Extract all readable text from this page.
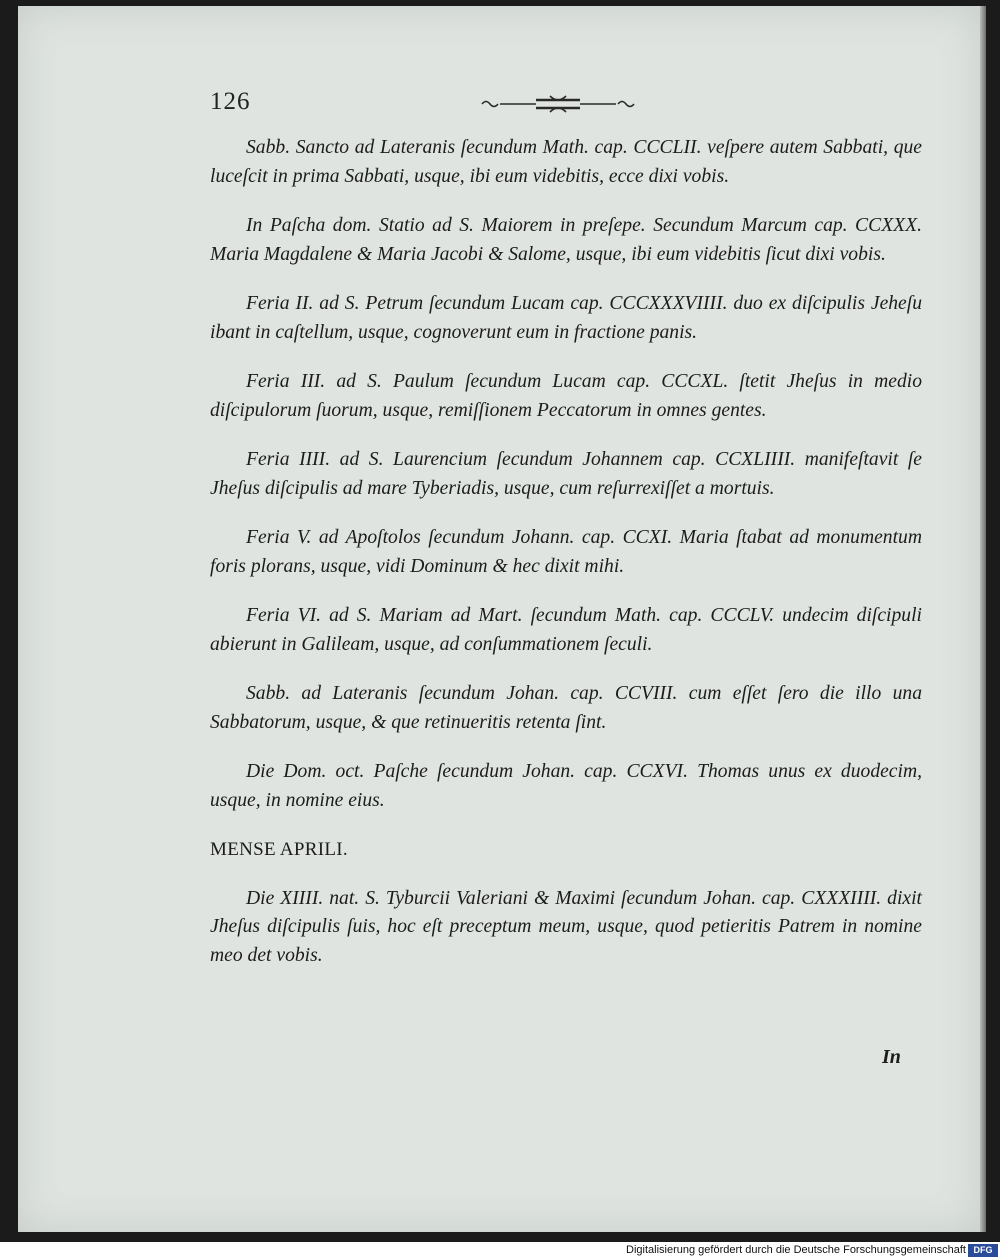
126

Sabb. Sancto ad Lateranis ſecundum Math. cap. CCCLII. veſpere autem Sabbati, que luceſcit in prima Sabbati, usque, ibi eum videbitis, ecce dixi vobis.

In Paſcha dom. Statio ad S. Maiorem in preſepe. Secundum Marcum cap. CCXXX. Maria Magdalene & Maria Jacobi & Salome, usque, ibi eum videbitis ſicut dixi vobis.

Feria II. ad S. Petrum ſecundum Lucam cap. CCCXXXVIIII. duo ex diſcipulis Jeheſu ibant in caſtellum, usque, cognoverunt eum in fractione panis.

Feria III. ad S. Paulum ſecundum Lucam cap. CCCXL. ſtetit Jheſus in medio diſcipulorum ſuorum, usque, remiſſionem Peccatorum in omnes gentes.

Feria IIII. ad S. Laurencium ſecundum Johannem cap. CCXLIIII. manifeſtavit ſe Jheſus diſcipulis ad mare Tyberiadis, usque, cum reſurrexiſſet a mortuis.

Feria V. ad Apoſtolos ſecundum Johann. cap. CCXI. Maria ſtabat ad monumentum foris plorans, usque, vidi Dominum & hec dixit mihi.

Feria VI. ad S. Mariam ad Mart. ſecundum Math. cap. CCCLV. undecim diſcipuli abierunt in Galileam, usque, ad conſummationem ſeculi.

Sabb. ad Lateranis ſecundum Johan. cap. CCVIII. cum eſſet ſero die illo una Sabbatorum, usque, & que retinueritis retenta ſint.

Die Dom. oct. Paſche ſecundum Johan. cap. CCXVI. Thomas unus ex duodecim, usque, in nomine eius.

MENSE APRILI.

Die XIIII. nat. S. Tyburcii Valeriani & Maximi ſecundum Johan. cap. CXXXIIII. dixit Jheſus diſcipulis ſuis, hoc eſt preceptum meum, usque, quod petieritis Patrem in nomine meo det vobis.

In
Digitalisierung gefördert durch die Deutsche Forschungsgemeinschaft DFG
